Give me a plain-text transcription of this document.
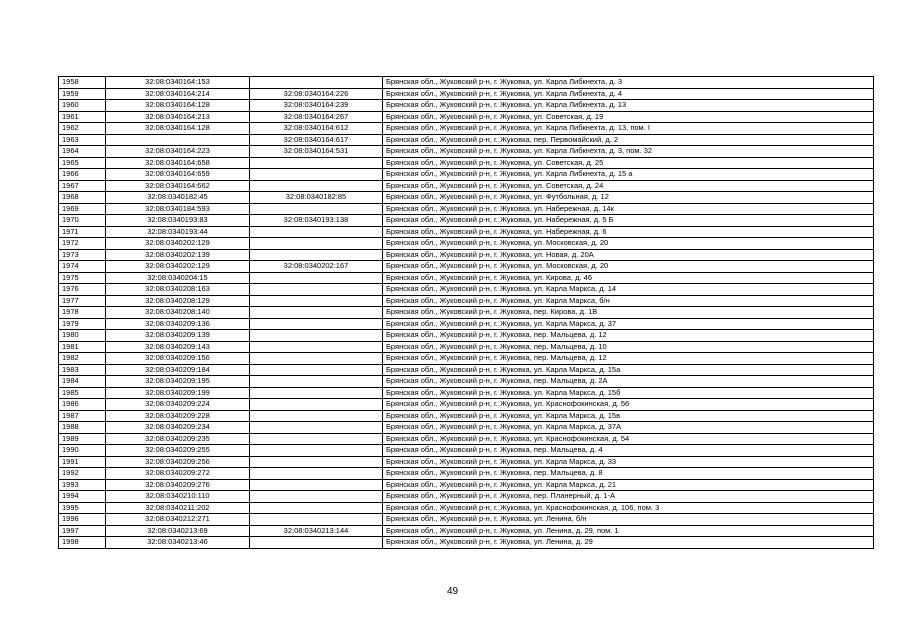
1958	32:08:0340164:153		Брянская обл., Жуковский р-н, г. Жуковка, ул. Карла Либкнехта, д. 3
1959	32:08:0340164:214	32:08:0340164:226	Брянская обл., Жуковский р-н, г. Жуковка, ул. Карла Либкнехта, д. 4
1960	32:08:0340164:128	32:08:0340164:239	Брянская обл., Жуковский р-н, г. Жуковка, ул. Карла Либкнехта, д. 13
1961	32:08:0340164:213	32:08:0340164:267	Брянская обл., Жуковский р-н, г. Жуковка, ул. Советская, д. 19
1962	32:08:0340164:128	32:08:0340164:612	Брянская обл., Жуковский р-н, г. Жуковка, ул. Карла Либкнехта, д. 13, пом. I
1963		32:08:0340164:617	Брянская обл., Жуковский р-н, г. Жуковка, пер. Первомайский, д. 2
1964	32:08:0340164:223	32:08:0340164:531	Брянская обл., Жуковский р-н, г. Жуковка, ул. Карла Либкнехта, д. 3, пом. 32
1965	32:08:0340164:658		Брянская обл., Жуковский р-н, г. Жуковка, ул. Советская, д. 25
1966	32:08:0340164:659		Брянская обл., Жуковский р-н, г. Жуковка, ул. Карла Либкнехта, д. 15 а
1967	32:08:0340164:662		Брянская обл., Жуковский р-н, г. Жуковка, ул. Советская, д. 24
1968	32:08:0340182:45	32:08:0340182:85	Брянская обл., Жуковский р-н, г. Жуковка, ул. Футбольная, д. 12
1969	32:08:0340184:593		Брянская обл., Жуковский р-н, г. Жуковка, ул. Набережная, д. 14к
1970	32:08:0340193:83	32:08:0340193:138	Брянская обл., Жуковский р-н, г. Жуковка, ул. Набережная, д. 5 Б
1971	32:08:0340193:44		Брянская обл., Жуковский р-н, г. Жуковка, ул. Набережная, д. 6
1972	32:08:0340202:129		Брянская обл., Жуковский р-н, г. Жуковка, ул. Московская, д. 20
1973	32:08:0340202:139		Брянская обл., Жуковский р-н, г. Жуковка, ул. Новая, д. 20А
1974	32:08:0340202:129	32:08:0340202:167	Брянская обл., Жуковский р-н, г. Жуковка, ул. Московская, д. 20
1975	32:08:0340204:15		Брянская обл., Жуковский р-н, г. Жуковка, ул. Кирова, д. 46
1976	32:08:0340208:163		Брянская обл., Жуковский р-н, г. Жуковка, ул. Карла Маркса, д. 14
1977	32:08:0340208:129		Брянская обл., Жуковский р-н, г. Жуковка, ул. Карла Маркса, б/н
1978	32:08:0340208:140		Брянская обл., Жуковский р-н, г. Жуковка, пер. Кирова, д. 1В
1979	32:08:0340209:136		Брянская обл., Жуковский р-н, г. Жуковка, ул. Карла Маркса, д. 37
1980	32:08:0340209:139		Брянская обл., Жуковский р-н, г. Жуковка, пер. Мальцева, д. 12
1981	32:08:0340209:143		Брянская обл., Жуковский р-н, г. Жуковка, пер. Мальцева, д. 10
1982	32:08:0340209:156		Брянская обл., Жуковский р-н, г. Жуковка, пер. Мальцева, д. 12
1983	32:08:0340209:184		Брянская обл., Жуковский р-н, г. Жуковка, ул. Карла Маркса, д. 15а
1984	32:08:0340209:195		Брянская обл., Жуковский р-н, г. Жуковка, пер. Мальцева, д. 2А
1985	32:08:0340209:199		Брянская обл., Жуковский р-н, г. Жуковка, ул. Карла Маркса, д. 15б
1986	32:08:0340209:224		Брянская обл., Жуковский р-н, г. Жуковка, ул. Краснофокинская, д. 56
1987	32:08:0340209:228		Брянская обл., Жуковский р-н, г. Жуковка, ул. Карла Маркса, д. 15в
1988	32:08:0340209:234		Брянская обл., Жуковский р-н, г. Жуковка, ул. Карла Маркса, д. 37А
1989	32:08:0340209:235		Брянская обл., Жуковский р-н, г. Жуковка, ул. Краснофокинская, д. 54
1990	32:08:0340209:255		Брянская обл., Жуковский р-н, г. Жуковка, пер. Мальцева, д. 4
1991	32:08:0340209:256		Брянская обл., Жуковский р-н, г. Жуковка, ул. Карла Маркса, д. 33
1992	32:08:0340209:272		Брянская обл., Жуковский р-н, г. Жуковка, пер. Мальцева, д. 8
1993	32:08:0340209:276		Брянская обл., Жуковский р-н, г. Жуковка, ул. Карла Маркса, д. 21
1994	32:08:0340210:110		Брянская обл., Жуковский р-н, г. Жуковка, пер. Планерный, д. 1-А
1995	32:08:0340211:202		Брянская обл., Жуковский р-н, г. Жуковка, ул. Краснофокинская, д. 106, пом. 3
1996	32:08:0340212:271		Брянская обл., Жуковский р-н, г. Жуковка, ул. Ленина, б/н
1997	32:08:0340213:69	32:08:0340213:144	Брянская обл., Жуковский р-н, г. Жуковка, ул. Ленина, д. 29, пом. 1
1998	32:08:0340213:46		Брянская обл., Жуковский р-н, г. Жуковка, ул. Ленина, д. 29
49
